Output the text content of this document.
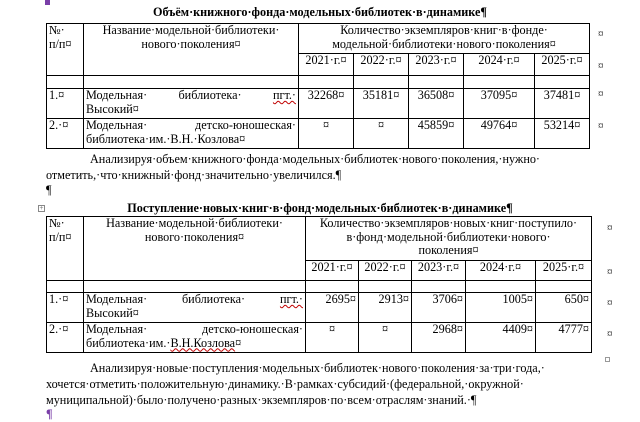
Объём·книжного·фонда·модельных·библиотек·в·динамике¶
№·
п/п¤	Название·модельной·библиотеки·
нового·поколения¤	Количество·экземпляров·книг·в·фонде·
модельной·библиотеки·нового·поколения¤				
		2021·г.¤	2022·г.¤	2023·г.¤	2024·г.¤	2025·г.¤

1.¤	Модельная· библиотека· пгт.·
Высокий¤	32268¤	35181¤	36508¤	37095¤	37481¤
2.·¤	Модельная· детско-юношеская·
библиотека·им.·В.Н.·Козлова¤	¤	¤	45859¤	49764¤	53214¤
¤
¤
¤
¤
Анализируя·объем·книжного·фонда·модельных·библиотек·нового·поколения,·нужно·
отметить,·что·книжный·фонд·значительно·увеличился.¶
¶
+	Поступление·новых·книг·в·фонд·модельных·библиотек·в·динамике¶
№·
п/п¤	Название·модельной·библиотеки·
нового·поколения¤	Количество·экземпляров·новых·книг·поступило·
в·фонд·модельной·библиотеки·нового·
поколения¤				
		2021·г.¤	2022·г.¤	2023·г.¤	2024·г.¤	2025·г.¤

1.·¤	Модельная· библиотека· пгт.·
Высокий¤	2695¤	2913¤	3706¤	1005¤	650¤
2.·¤	Модельная· детско-юношеская·
библиотека·им.·В.Н.Козлова¤	¤	¤	2968¤	4409¤	4777¤
¤
¤
¤
¤
Анализируя·новые·поступления·модельных·библиотек·нового·поколения·за·три·года,·
хочется·отметить·положительную·динамику.·В·рамках·субсидий·(федеральной,·окружной·
муниципальной)·было·получено·разных·экземпляров·по·всем·отраслям·знаний.·¶
¶
